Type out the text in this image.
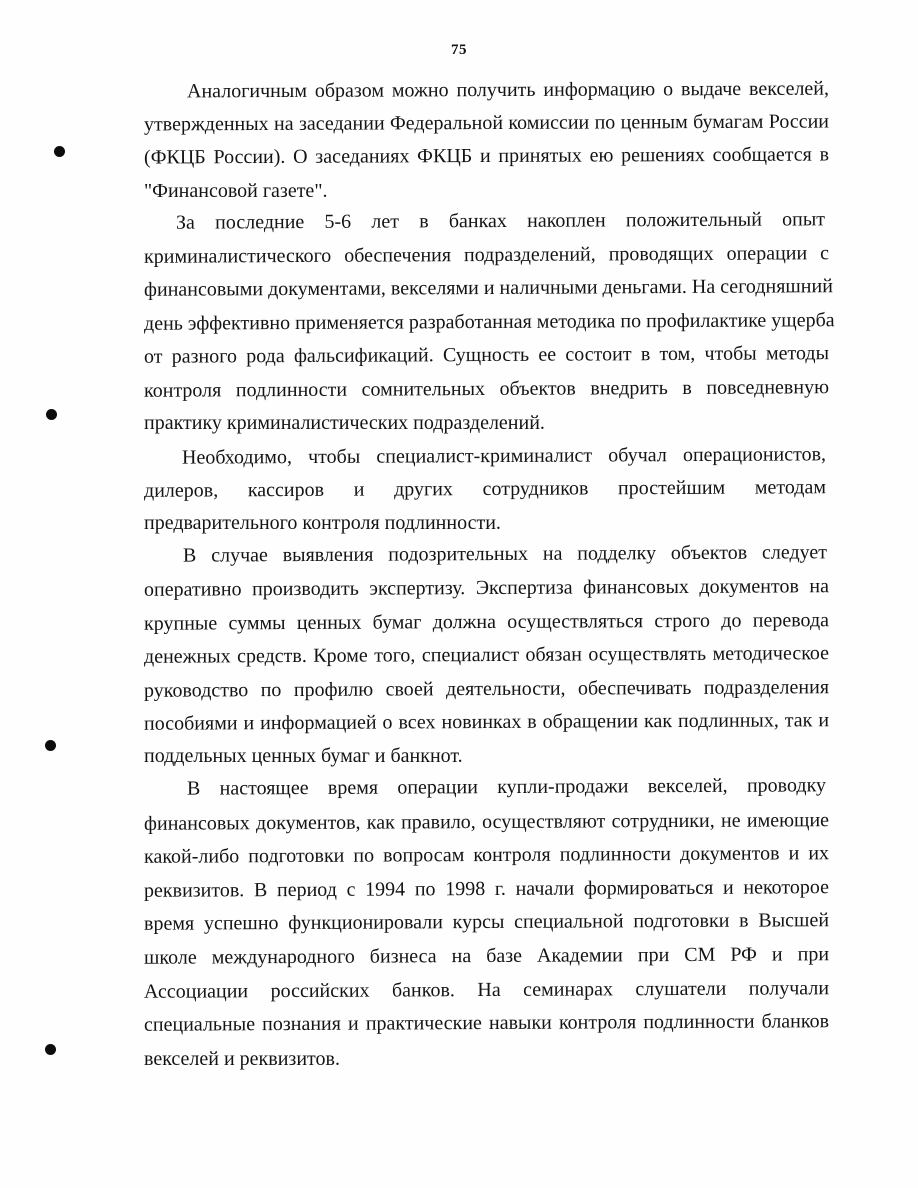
75
Аналогичным образом можно получить информацию о выдаче векселей,
утвержденных на заседании Федеральной комиссии по ценным бумагам России
(ФКЦБ России). О заседаниях ФКЦБ и принятых ею решениях сообщается в
"Финансовой газете".
За последние 5-6 лет в банках накоплен положительный опыт
криминалистического обеспечения подразделений, проводящих операции с
финансовыми документами, векселями и наличными деньгами. На сегодняшний
день эффективно применяется разработанная методика по профилактике ущерба
от разного рода фальсификаций. Сущность ее состоит в том, чтобы методы
контроля подлинности сомнительных объектов внедрить в повседневную
практику криминалистических подразделений.
Необходимо, чтобы специалист-криминалист обучал операционистов,
дилеров, кассиров и других сотрудников простейшим методам
предварительного контроля подлинности.
В случае выявления подозрительных на подделку объектов следует
оперативно производить экспертизу. Экспертиза финансовых документов на
крупные суммы ценных бумаг должна осуществляться строго до перевода
денежных средств. Кроме того, специалист обязан осуществлять методическое
руководство по профилю своей деятельности, обеспечивать подразделения
пособиями и информацией о всех новинках в обращении как подлинных, так и
поддельных ценных бумаг и банкнот.
В настоящее время операции купли-продажи векселей, проводку
финансовых документов, как правило, осуществляют сотрудники, не имеющие
какой-либо подготовки по вопросам контроля подлинности документов и их
реквизитов. В период с 1994 по 1998 г. начали формироваться и некоторое
время успешно функционировали курсы специальной подготовки в Высшей
школе международного бизнеса на базе Академии при СМ РФ и при
Ассоциации российских банков. На семинарах слушатели получали
специальные познания и практические навыки контроля подлинности бланков
векселей и реквизитов.
